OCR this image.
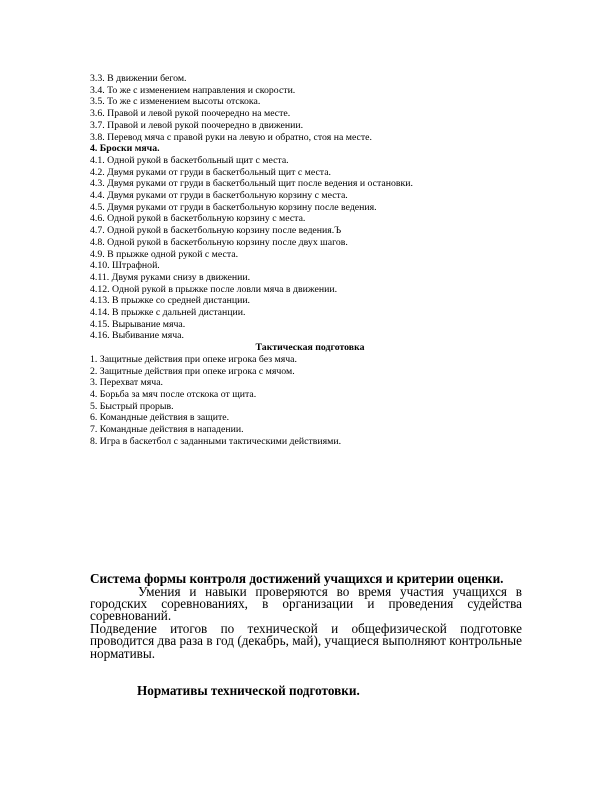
3.3. В движении бегом.
3.4. То же с изменением направления и скорости.
3.5. То же с изменением высоты отскока.
3.6. Правой и левой рукой поочередно на месте.
3.7. Правой и левой рукой поочередно в движении.
3.8. Перевод мяча с правой руки на левую и обратно, стоя на месте.
4. Броски мяча.
4.1. Одной рукой в баскетбольный щит с места.
4.2. Двумя руками от груди в баскетбольный щит с места.
4.3. Двумя руками от груди в баскетбольный щит после ведения и остановки.
4.4. Двумя руками от груди в баскетбольную корзину с места.
4.5. Двумя руками от груди в баскетбольную корзину после ведения.
4.6. Одной рукой в баскетбольную корзину с места.
4.7. Одной рукой в баскетбольную корзину после ведения.Ъ
4.8. Одной рукой в баскетбольную корзину после двух шагов.
4.9. В прыжке одной рукой с места.
4.10. Штрафной.
4.11. Двумя руками снизу в движении.
4.12. Одной рукой в прыжке после ловли мяча в движении.
4.13. В прыжке со средней дистанции.
4.14. В прыжке с дальней дистанции.
4.15. Вырывание мяча.
4.16. Выбивание мяча.
Тактическая подготовка
1. Защитные действия при опеке игрока без мяча.
2. Защитные действия при опеке игрока с мячом.
3. Перехват мяча.
4. Борьба за мяч после отскока от щита.
5. Быстрый прорыв.
6. Командные действия в защите.
7. Командные действия в нападении.
8. Игра в баскетбол с заданными тактическими действиями.

Система формы контроля достижений учащихся и критерии оценки.

Умения и навыки проверяются во время участия учащихся в городских соревнованиях, в организации и проведения судейства соревнований.

Подведение итогов по технической и общефизической подготовке проводится два раза в год (декабрь, май), учащиеся выполняют контрольные нормативы.

Нормативы технической подготовки.
